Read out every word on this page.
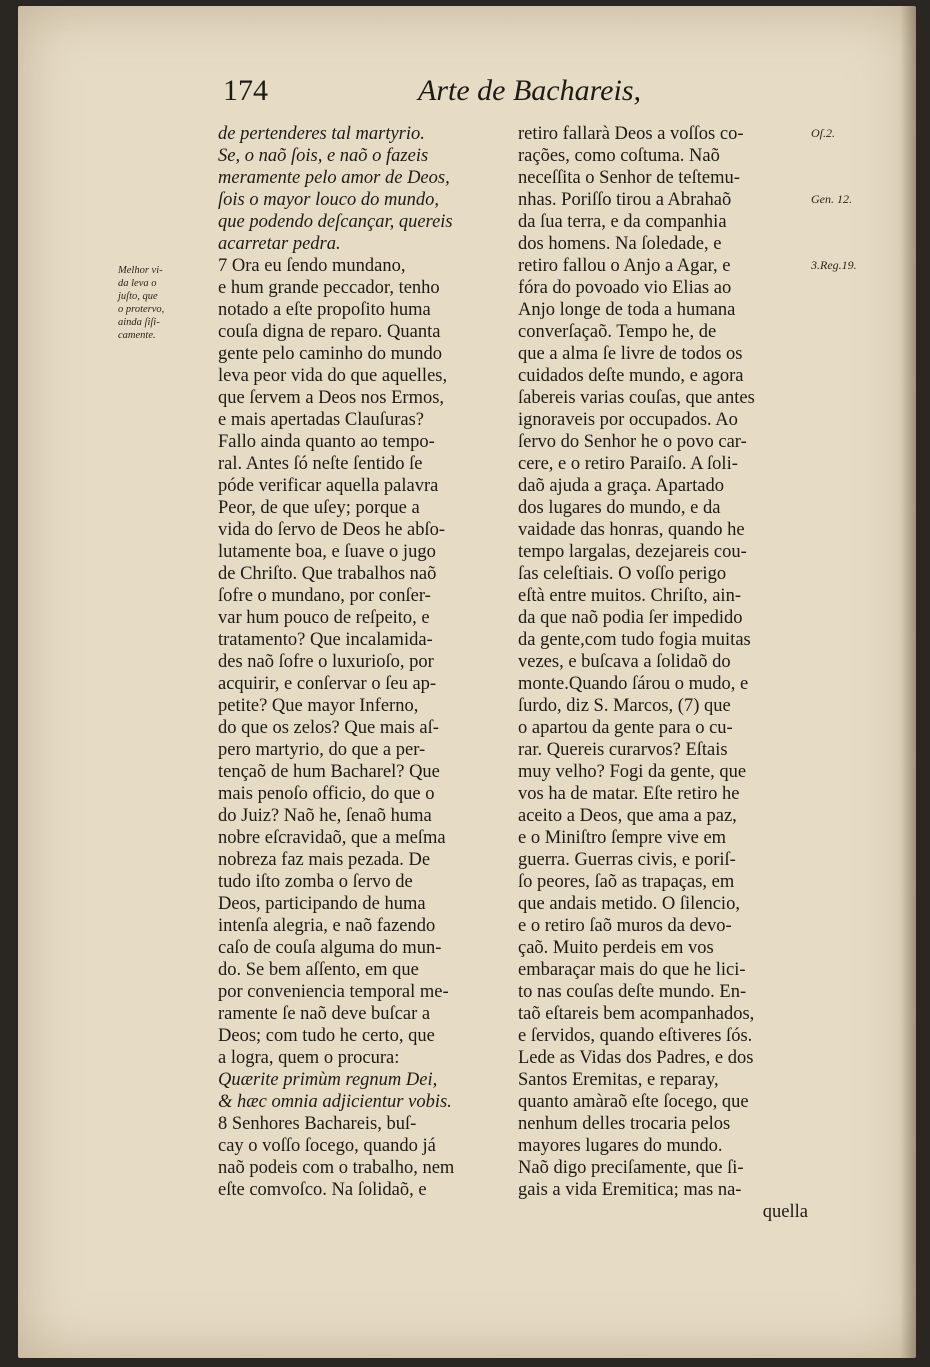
174	Arte de Bachareis,
de pertenderes tal martyrio.
Se, o naõ ſois, e naõ o fazeis
meramente pelo amor de Deos,
ſois o mayor louco do mundo,
que podendo deſcançar, quereis
acarretar pedra.
7 Ora eu ſendo mundano,
e hum grande peccador, tenho
notado a eſte propoſito huma
couſa digna de reparo. Quanta
gente pelo caminho do mundo
leva peor vida do que aquelles,
que ſervem a Deos nos Ermos,
e mais apertadas Clauſuras?
Fallo ainda quanto ao tempo-
ral. Antes ſó neſte ſentido ſe
póde verificar aquella palavra
Peor, de que uſey; porque a
vida do ſervo de Deos he abſo-
lutamente boa, e ſuave o jugo
de Chriſto. Que trabalhos naõ
ſofre o mundano, por conſer-
var hum pouco de reſpeito, e
tratamento? Que incalamida-
des naõ ſofre o luxurioſo, por
acquirir, e conſervar o ſeu ap-
petite? Que mayor Inferno,
do que os zelos? Que mais aſ-
pero martyrio, do que a per-
tençaõ de hum Bacharel? Que
mais penoſo officio, do que o
do Juiz? Naõ he, ſenaõ huma
nobre eſcravidaõ, que a meſma
nobreza faz mais pezada. De
tudo iſto zomba o ſervo de
Deos, participando de huma
intenſa alegria, e naõ fazendo
caſo de couſa alguma do mun-
do. Se bem aſſento, em que
por conveniencia temporal me-
ramente ſe naõ deve buſcar a
Deos; com tudo he certo, que
a logra, quem o procura:
Quærite primùm regnum Dei,
& hæc omnia adjicientur vobis.
8 Senhores Bachareis, buſ-
cay o voſſo ſocego, quando já
naõ podeis com o trabalho, nem
eſte comvoſco. Na ſolidaõ, e
retiro fallarà Deos a voſſos co-
rações, como coſtuma. Naõ
neceſſita o Senhor de teſtemu-
nhas. Poriſſo tirou a Abrahaõ
da ſua terra, e da companhia
dos homens. Na ſoledade, e
retiro fallou o Anjo a Agar, e
fóra do povoado vio Elias ao
Anjo longe de toda a humana
converſaçaõ. Tempo he, de
que a alma ſe livre de todos os
cuidados deſte mundo, e agora
ſabereis varias couſas, que antes
ignoraveis por occupados. Ao
ſervo do Senhor he o povo car-
cere, e o retiro Paraiſo. A ſoli-
daõ ajuda a graça. Apartado
dos lugares do mundo, e da
vaidade das honras, quando he
tempo largalas, dezejareis cou-
ſas celeſtiais. O voſſo perigo
eſtà entre muitos. Chriſto, ain-
da que naõ podia ſer impedido
da gente,com tudo fogia muitas
vezes, e buſcava a ſolidaõ do
monte.Quando ſárou o mudo, e
ſurdo, diz S. Marcos, (7) que
o apartou da gente para o cu-
rar. Quereis curarvos? Eſtais
muy velho? Fogi da gente, que
vos ha de matar. Eſte retiro he
aceito a Deos, que ama a paz,
e o Miniſtro ſempre vive em
guerra. Guerras civis, e poriſ-
ſo peores, ſaõ as trapaças, em
que andais metido. O ſilencio,
e o retiro ſaõ muros da devo-
çaõ. Muito perdeis em vos
embaraçar mais do que he lici-
to nas couſas deſte mundo. En-
taõ eſtareis bem acompanhados,
e ſervidos, quando eſtiveres ſós.
Lede as Vidas dos Padres, e dos
Santos Eremitas, e reparay,
quanto amàraõ eſte ſocego, que
nenhum delles trocaria pelos
mayores lugares do mundo.
Naõ digo preciſamente, que ſi-
gais a vida Eremitica; mas na-
quella
Melhor vi-
da leva o
juſto, que
o protervo,
ainda ſiſi-
camente.
Oſ.2.
Gen. 12.
3.Reg.19.
